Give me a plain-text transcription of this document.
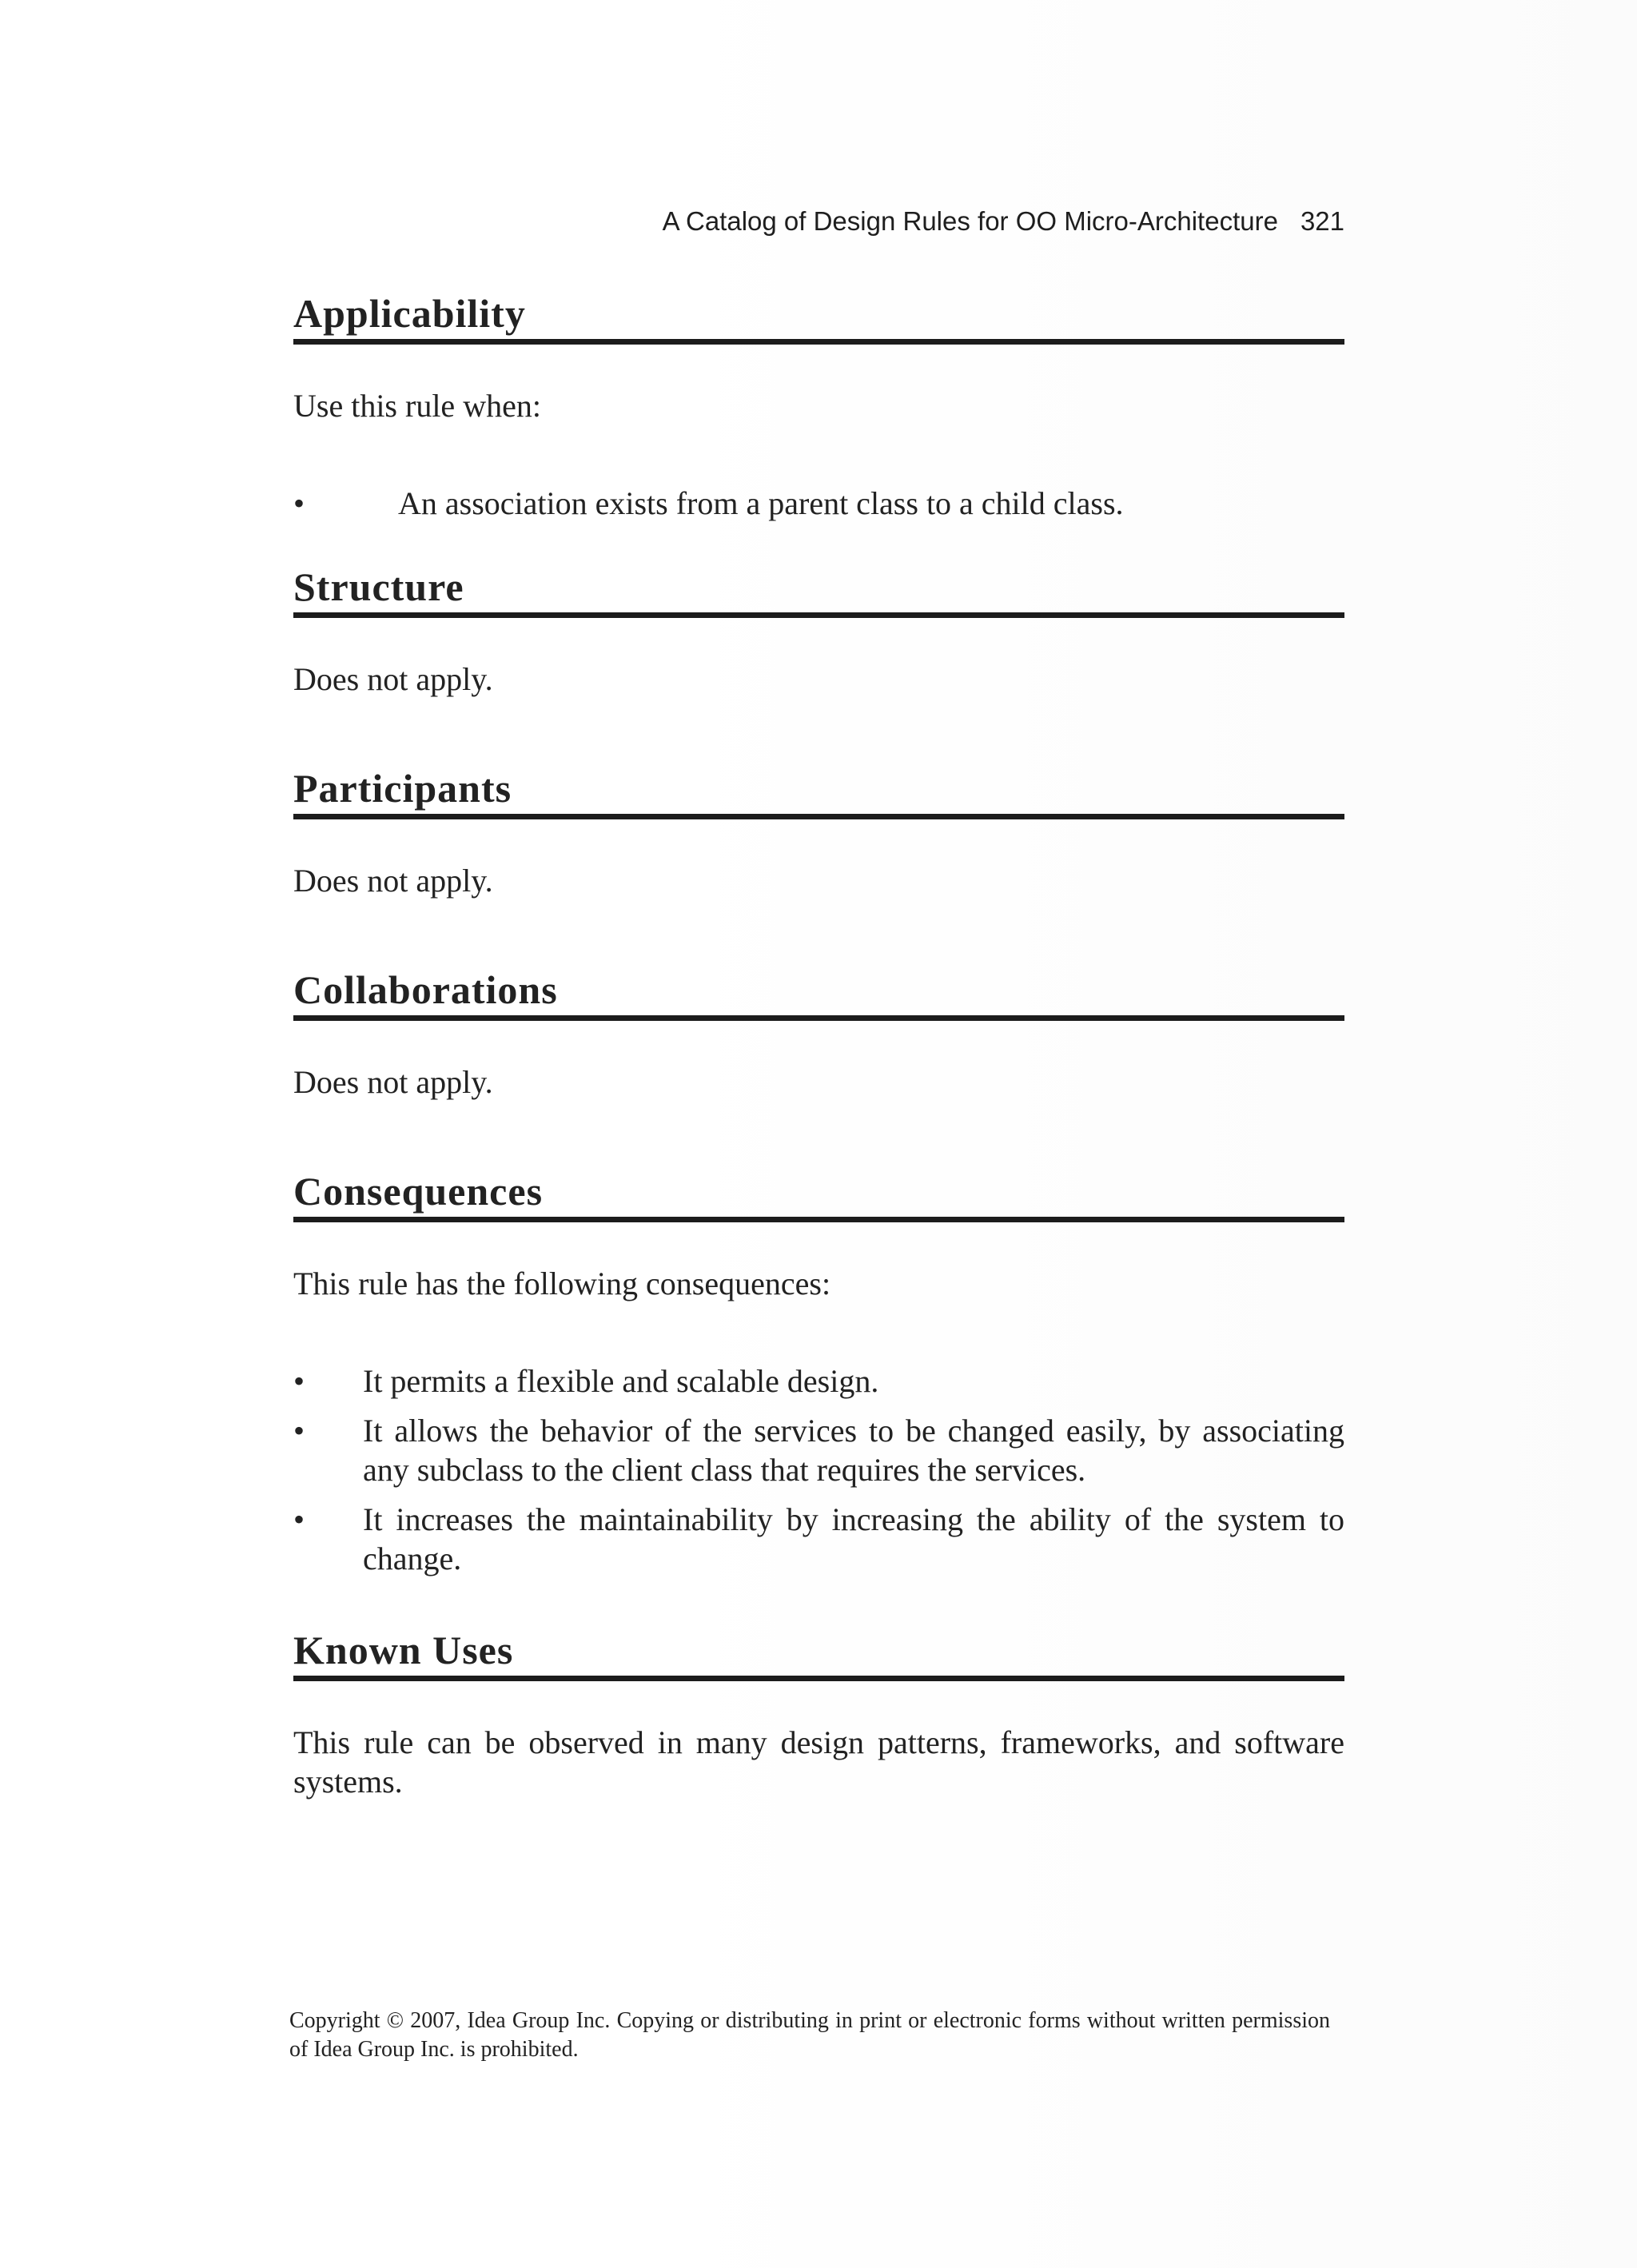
A Catalog of Design Rules for OO Micro-Architecture 321
Applicability

Use this rule when:

•	An association exists from a parent class to a child class.
Structure

Does not apply.

Participants

Does not apply.

Collaborations

Does not apply.

Consequences

This rule has the following consequences:

• It permits a flexible and scalable design.
• It allows the behavior of the services to be changed easily, by associating any subclass to the client class that requires the services.
• It increases the maintainability by increasing the ability of the system to change.
Known Uses

This rule can be observed in many design patterns, frameworks, and software systems.

Copyright © 2007, Idea Group Inc. Copying or distributing in print or electronic forms without written permission of Idea Group Inc. is prohibited.
